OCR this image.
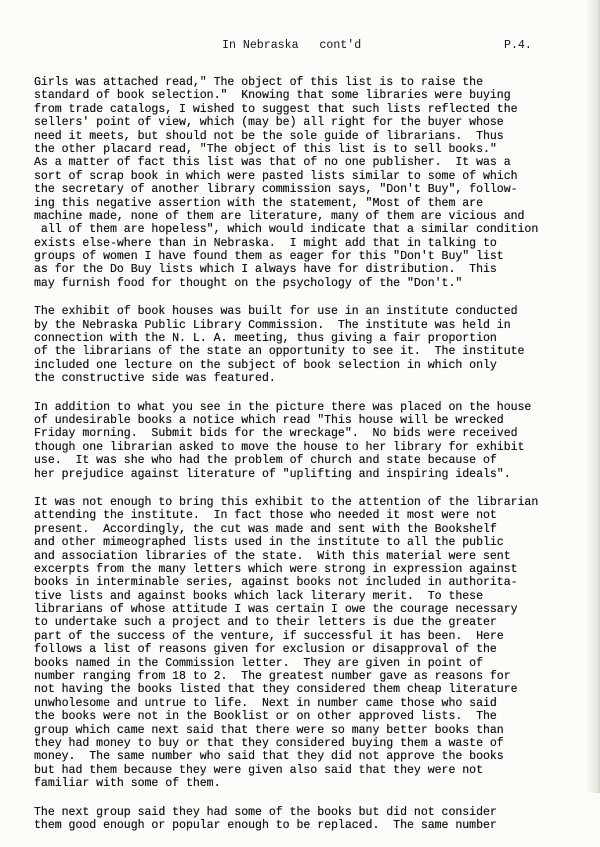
In Nebraska   cont'd	P.4.
Girls was attached read," The object of this list is to raise the
standard of book selection."  Knowing that some libraries were buying
from trade catalogs, I wished to suggest that such lists reflected the
sellers' point of view, which (may be) all right for the buyer whose
need it meets, but should not be the sole guide of librarians.  Thus
the other placard read, "The object of this list is to sell books."
As a matter of fact this list was that of no one publisher.  It was a
sort of scrap book in which were pasted lists similar to some of which
the secretary of another library commission says, "Don't Buy", follow-
ing this negative assertion with the statement, "Most of them are
machine made, none of them are literature, many of them are vicious and
all of them are hopeless", which would indicate that a similar condition
exists else-where than in Nebraska.  I might add that in talking to
groups of women I have found them as eager for this "Don't Buy" list
as for the Do Buy lists which I always have for distribution.  This
may furnish food for thought on the psychology of the "Don't."
The exhibit of book houses was built for use in an institute conducted
by the Nebraska Public Library Commission.  The institute was held in
connection with the N. L. A. meeting, thus giving a fair proportion
of the librarians of the state an opportunity to see it.  The institute
included one lecture on the subject of book selection in which only
the constructive side was featured.
In addition to what you see in the picture there was placed on the house
of undesirable books a notice which read "This house will be wrecked
Friday morning.  Submit bids for the wreckage".  No bids were received
though one librarian asked to move the house to her library for exhibit
use.  It was she who had the problem of church and state because of
her prejudice against literature of "uplifting and inspiring ideals".
It was not enough to bring this exhibit to the attention of the librarian
attending the institute.  In fact those who needed it most were not
present.  Accordingly, the cut was made and sent with the Bookshelf
and other mimeographed lists used in the institute to all the public
and association libraries of the state.  With this material were sent
excerpts from the many letters which were strong in expression against
books in interminable series, against books not included in authorita-
tive lists and against books which lack literary merit.  To these
librarians of whose attitude I was certain I owe the courage necessary
to undertake such a project and to their letters is due the greater
part of the success of the venture, if successful it has been.  Here
follows a list of reasons given for exclusion or disapproval of the
books named in the Commission letter.  They are given in point of
number ranging from 18 to 2.  The greatest number gave as reasons for
not having the books listed that they considered them cheap literature
unwholesome and untrue to life.  Next in number came those who said
the books were not in the Booklist or on other approved lists.  The
group which came next said that there were so many better books than
they had money to buy or that they considered buying them a waste of
money.  The same number who said that they did not approve the books
but had them because they were given also said that they were not
familiar with some of them.
The next group said they had some of the books but did not consider
them good enough or popular enough to be replaced.  The same number
